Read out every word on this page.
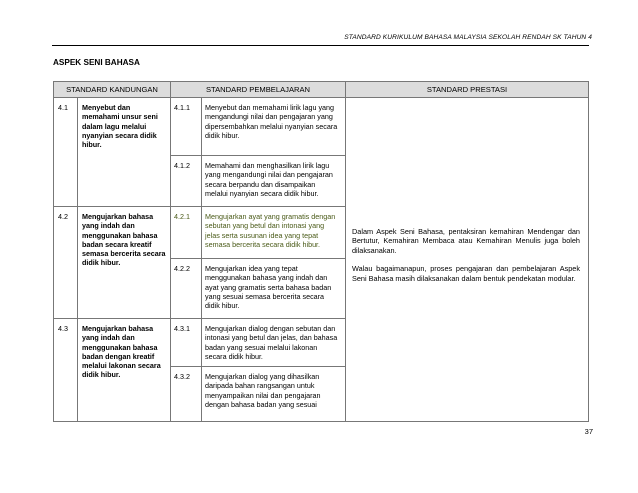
STANDARD KURIKULUM BAHASA MALAYSIA SEKOLAH RENDAH SK TAHUN 4
ASPEK SENI BAHASA
STANDARD KANDUNGAN		STANDARD PEMBELAJARAN		STANDARD PRESTASI
4.1	Menyebut dan memahami unsur seni dalam lagu melalui nyanyian secara didik hibur.	4.1.1	Menyebut dan memahami lirik lagu yang mengandungi nilai dan pengajaran yang dipersembahkan melalui nyanyian secara didik hibur.	Dalam Aspek Seni Bahasa, pentaksiran kemahiran Mendengar dan Bertutur, Kemahiran Membaca atau Kemahiran Menulis juga boleh dilaksanakan.

Walau bagaimanapun, proses pengajaran dan pembelajaran Aspek Seni Bahasa masih dilaksanakan dalam bentuk pendekatan modular.

		4.1.2	Memahami dan menghasilkan lirik lagu yang mengandungi nilai dan pengajaran secara berpandu dan disampaikan melalui nyanyian secara didik hibur.	
4.2	Mengujarkan bahasa yang indah dan menggunakan bahasa badan secara kreatif semasa bercerita secara didik hibur.	4.2.1	Mengujarkan ayat yang gramatis dengan sebutan yang betul dan intonasi yang jelas serta susunan idea yang tepat semasa bercerita secara didik hibur.	
		4.2.2	Mengujarkan idea yang tepat menggunakan bahasa yang indah dan ayat yang gramatis serta bahasa badan yang sesuai semasa bercerita secara didik hibur.	
4.3	Mengujarkan bahasa yang indah dan menggunakan bahasa badan dengan kreatif melalui lakonan secara didik hibur.	4.3.1	Mengujarkan dialog dengan sebutan dan intonasi yang betul dan jelas, dan bahasa badan yang sesuai melalui lakonan secara didik hibur.	
		4.3.2	Mengujarkan dialog yang dihasilkan daripada bahan rangsangan untuk menyampaikan nilai dan pengajaran dengan bahasa badan yang sesuai	
37
